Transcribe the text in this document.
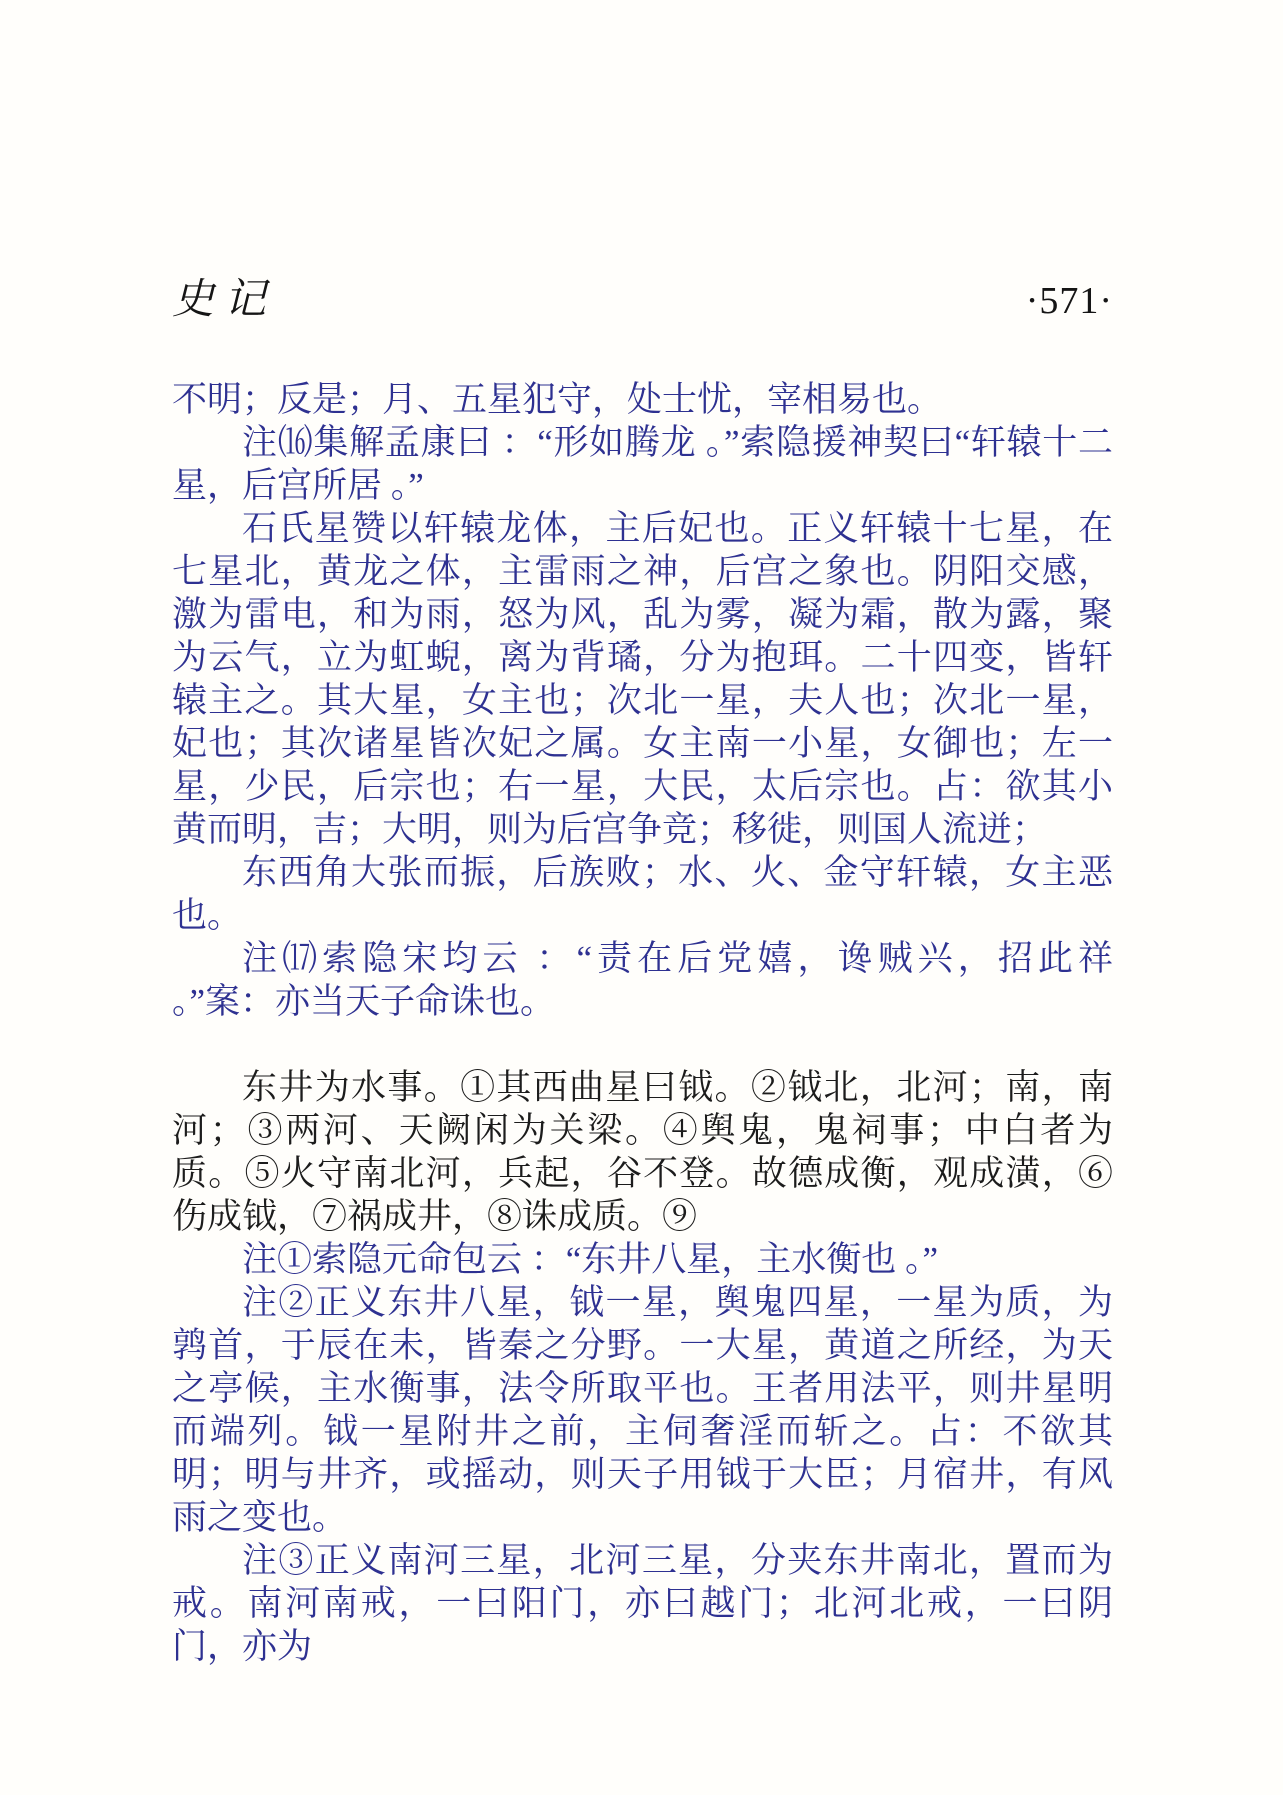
史记	·571·

不明；反是；月、五星犯守，处士忧，宰相易也。

注⒃集解孟康曰 ：“形如腾龙 。”索隐援神契曰“轩辕十二星，后宫所居 。”

石氏星赞以轩辕龙体，主后妃也。正义轩辕十七星，在七星北，黄龙之体，主雷雨之神，后宫之象也。阴阳交感，激为雷电，和为雨，怒为风，乱为雾，凝为霜，散为露，聚为云气，立为虹蜺，离为背璚，分为抱珥。二十四变，皆轩辕主之。其大星，女主也；次北一星，夫人也；次北一星，妃也；其次诸星皆次妃之属。女主南一小星，女御也；左一星，少民，后宗也；右一星，大民，太后宗也。占：欲其小黄而明，吉；大明，则为后宫争竞；移徙，则国人流迸；

东西角大张而振，后族败；水、火、金守轩辕，女主恶也。

注⒄索隐宋均云 ：“责在后党嬉，谗贼兴，招此祥 。”案：亦当天子命诛也。

东井为水事。①其西曲星曰钺。②钺北，北河；南，南河；③两河、天阙闲为关梁。④舆鬼，鬼祠事；中白者为质。⑤火守南北河，兵起，谷不登。故德成衡，观成潢，⑥伤成钺，⑦祸成井，⑧诛成质。⑨

注①索隐元命包云 ：“东井八星，主水衡也 。”

注②正义东井八星，钺一星，舆鬼四星，一星为质，为鹑首，于辰在未，皆秦之分野。一大星，黄道之所经，为天之亭候，主水衡事，法令所取平也。王者用法平，则井星明而端列。钺一星附井之前，主伺奢淫而斩之。占：不欲其明；明与井齐，或摇动，则天子用钺于大臣；月宿井，有风雨之变也。

注③正义南河三星，北河三星，分夹东井南北，置而为戒。南河南戒，一曰阳门，亦曰越门；北河北戒，一曰阴门，亦为
